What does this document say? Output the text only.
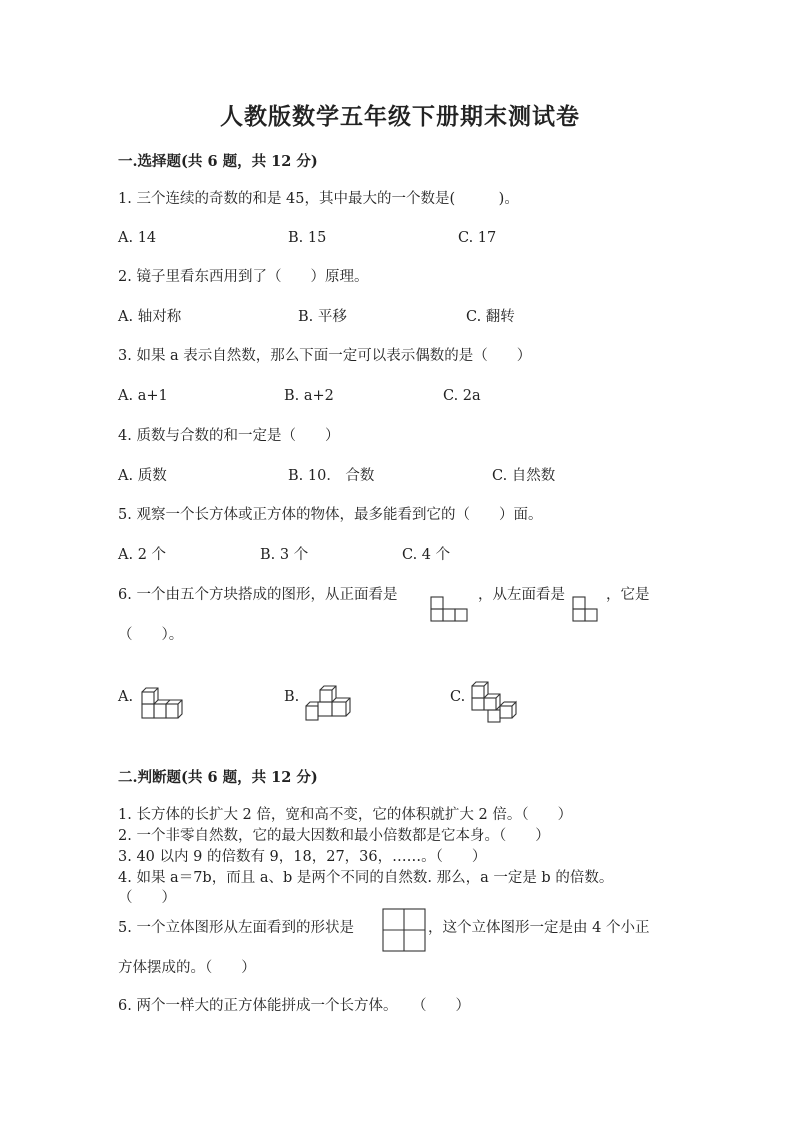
人教版数学五年级下册期末测试卷
一.选择题(共 6 题，共 12 分)
1. 三个连续的奇数的和是 45，其中最大的一个数是(　　　)。
A. 14	B. 15	C. 17
2. 镜子里看东西用到了（　　）原理。
A. 轴对称	B. 平移	C. 翻转
3. 如果 a 表示自然数，那么下面一定可以表示偶数的是（　　）
A. a+1	B. a+2	C. 2a
4. 质数与合数的和一定是（　　）
A. 质数	B. 10． 合数	C. 自然数
5. 观察一个长方体或正方体的物体，最多能看到它的（　　）面。
A. 2 个	B. 3 个	C. 4 个
6. 一个由五个方块搭成的图形，从正面看是	，从左面看是	，它是
（　　）。
A.	B.	C.
二.判断题(共 6 题，共 12 分)
1. 长方体的长扩大 2 倍，宽和高不变，它的体积就扩大 2 倍。（　　）
2. 一个非零自然数，它的最大因数和最小倍数都是它本身。（　　）
3. 40 以内 9 的倍数有 9，18，27，36，……。（　　）
4. 如果 a＝7b，而且 a、b 是两个不同的自然数. 那么，a 一定是 b 的倍数。
（　　）
5. 一个立体图形从左面看到的形状是	，这个立体图形一定是由 4 个小正
方体摆成的。（　　）
6. 两个一样大的正方体能拼成一个长方体。　　（　　）
